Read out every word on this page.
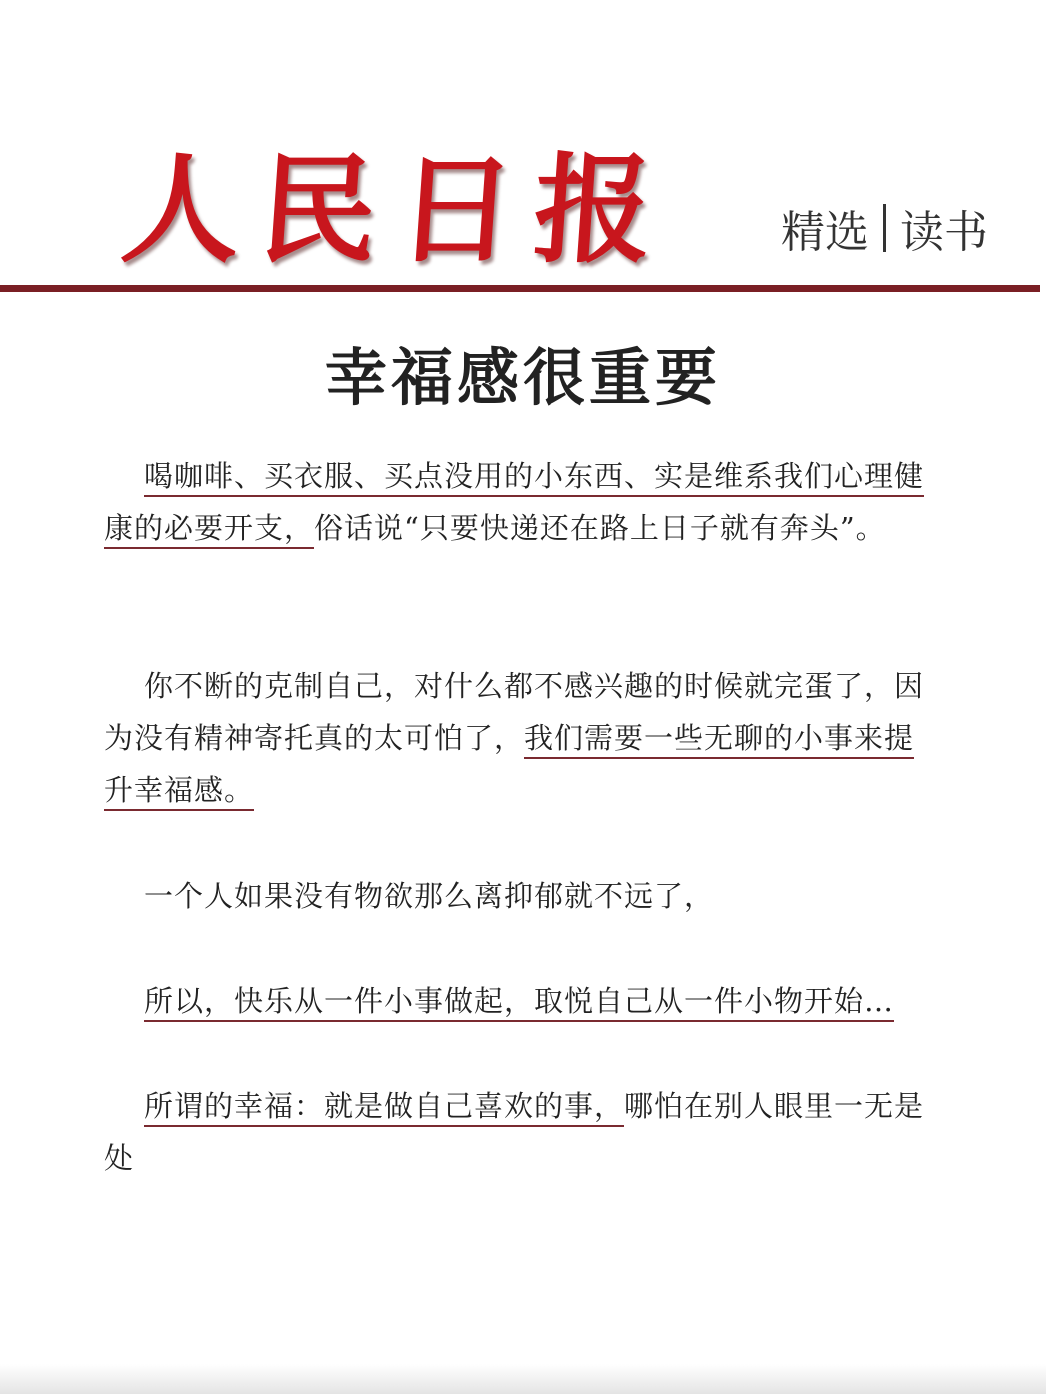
人 民 日 报	精选 读书
幸福感很重要
喝咖啡、买衣服、买点没用的小东西、实是维系我们心理健康的必要开支，俗话说“只要快递还在路上日子就有奔头”。
你不断的克制自己，对什么都不感兴趣的时候就完蛋了，因为没有精神寄托真的太可怕了，我们需要一些无聊的小事来提升幸福感。
一个人如果没有物欲那么离抑郁就不远了，
所以，快乐从一件小事做起，取悦自己从一件小物开始…
所谓的幸福：就是做自己喜欢的事，哪怕在别人眼里一无是处
